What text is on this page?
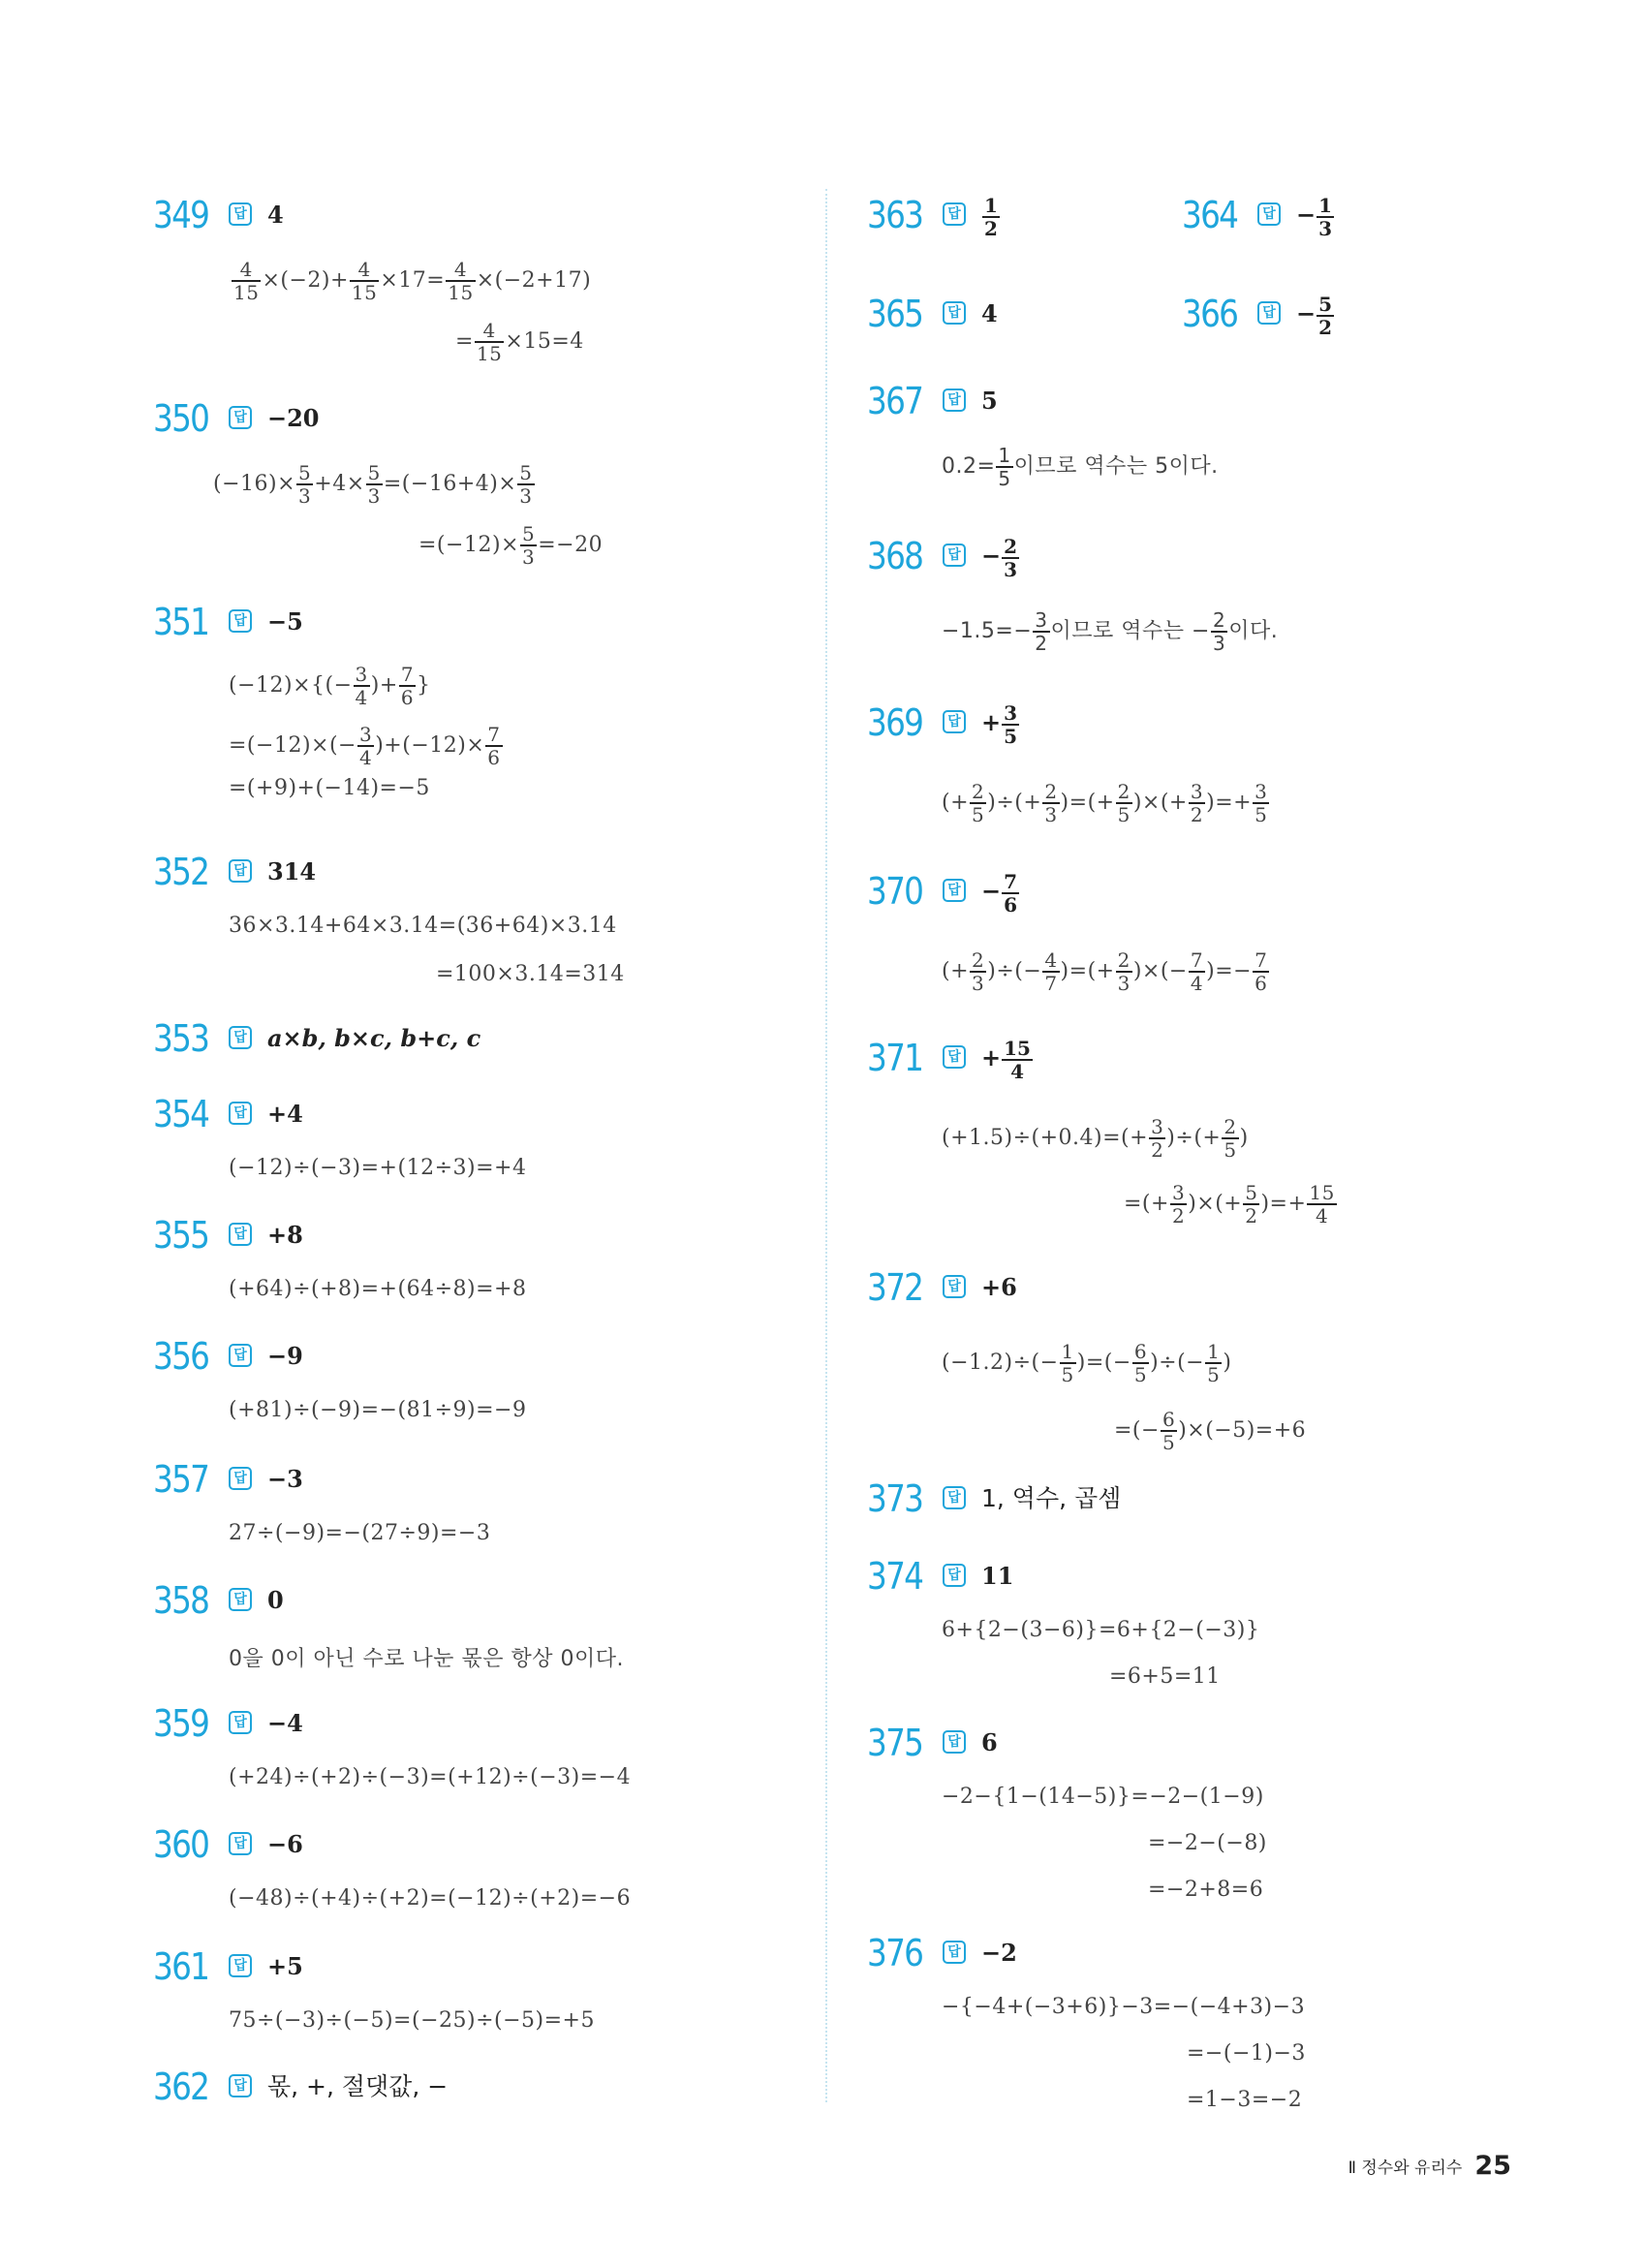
349	답 4
$\frac{4}{15} \times(-2)+ \frac{4}{15} \times 17= \frac{4}{15} \times(-2+17)$
= $\frac{4}{15} \times 15=4$
350	답 −20
$(-16)\times \frac{5}{3} +4\times \frac{5}{3} =(-16+4)\times \frac{5}{3}$
$=(-12)\times \frac{5}{3} =-20$
351	답 −5
$(-12)\times\{(- \frac{3}{4}$ )+ $\frac{7}{6}$ }
$=(-12)\times(- \frac{3}{4} )+(-12)\times \frac{7}{6}$
=(+9)+(−14)=−5
352	답 314
36×3.14+64×3.14=(36+64)×3.14
=100×3.14=314
353	답 a×b, b×c, b+c, c
354	답 +4
(−12)÷(−3)=+(12÷3)=+4
355	답 +8
(+64)÷(+8)=+(64÷8)=+8
356	답 −9
(+81)÷(−9)=−(81÷9)=−9
357	답 −3
27÷(−9)=−(27÷9)=−3
358	답 0
0을 0이 아닌 수로 나눈 몫은 항상 0이다.
359	답 −4
(+24)÷(+2)÷(−3)=(+12)÷(−3)=−4
360	답 −6
(−48)÷(+4)÷(+2)=(−12)÷(+2)=−6
361	답 +5
75÷(−3)÷(−5)=(−25)÷(−5)=+5
362	답 몫, +, 절댓값, −
363	답 $\frac{1}{2}$	364	답 − $\frac{1}{3}$
365	답 4	366	답 − $\frac{5}{2}$
367	답 5
$0.2= \frac{1}{5}$ 이므로 역수는 5이다.
368	답 − $\frac{2}{3}$
$-1.5=- \frac{3}{2}$ 이므로 역수는 − $\frac{2}{3}$ 이다.
369	답 + $\frac{3}{5}$
(+ $\frac{2}{5}$ )÷(+ $\frac{2}{3}$ )=(+ $\frac{2}{5}$ )×(+ $\frac{3}{2}$ )=+ $\frac{3}{5}$
370	답 − $\frac{7}{6}$
(+ $\frac{2}{3}$ )÷(− $\frac{4}{7}$ )=(+ $\frac{2}{3}$ )×(− $\frac{7}{4}$ )=− $\frac{7}{6}$
371	답 + $\frac{15}{4}$
$(+1.5)\div(+0.4)=(+ \frac{3}{2}$ )÷(+ $\frac{2}{5}$ )
=(+ $\frac{3}{2}$ )×(+ $\frac{5}{2}$ )=+ $\frac{15}{4}$
372	답 +6
$(-1.2)\div(- \frac{1}{5}$ )=(− $\frac{6}{5}$ )÷(− $\frac{1}{5}$ )
=(− $\frac{6}{5} )\times(-5)=+6$
373	답 1, 역수, 곱셈
374	답 11
6+{2−(3−6)}=6+{2−(−3)}
=6+5=11
375	답 6
−2−{1−(14−5)}=−2−(1−9)
=−2−(−8)
=−2+8=6
376	답 −2
−{−4+(−3+6)}−3=−(−4+3)−3
=−(−1)−3
=1−3=−2
Ⅱ 정수와 유리수 25
